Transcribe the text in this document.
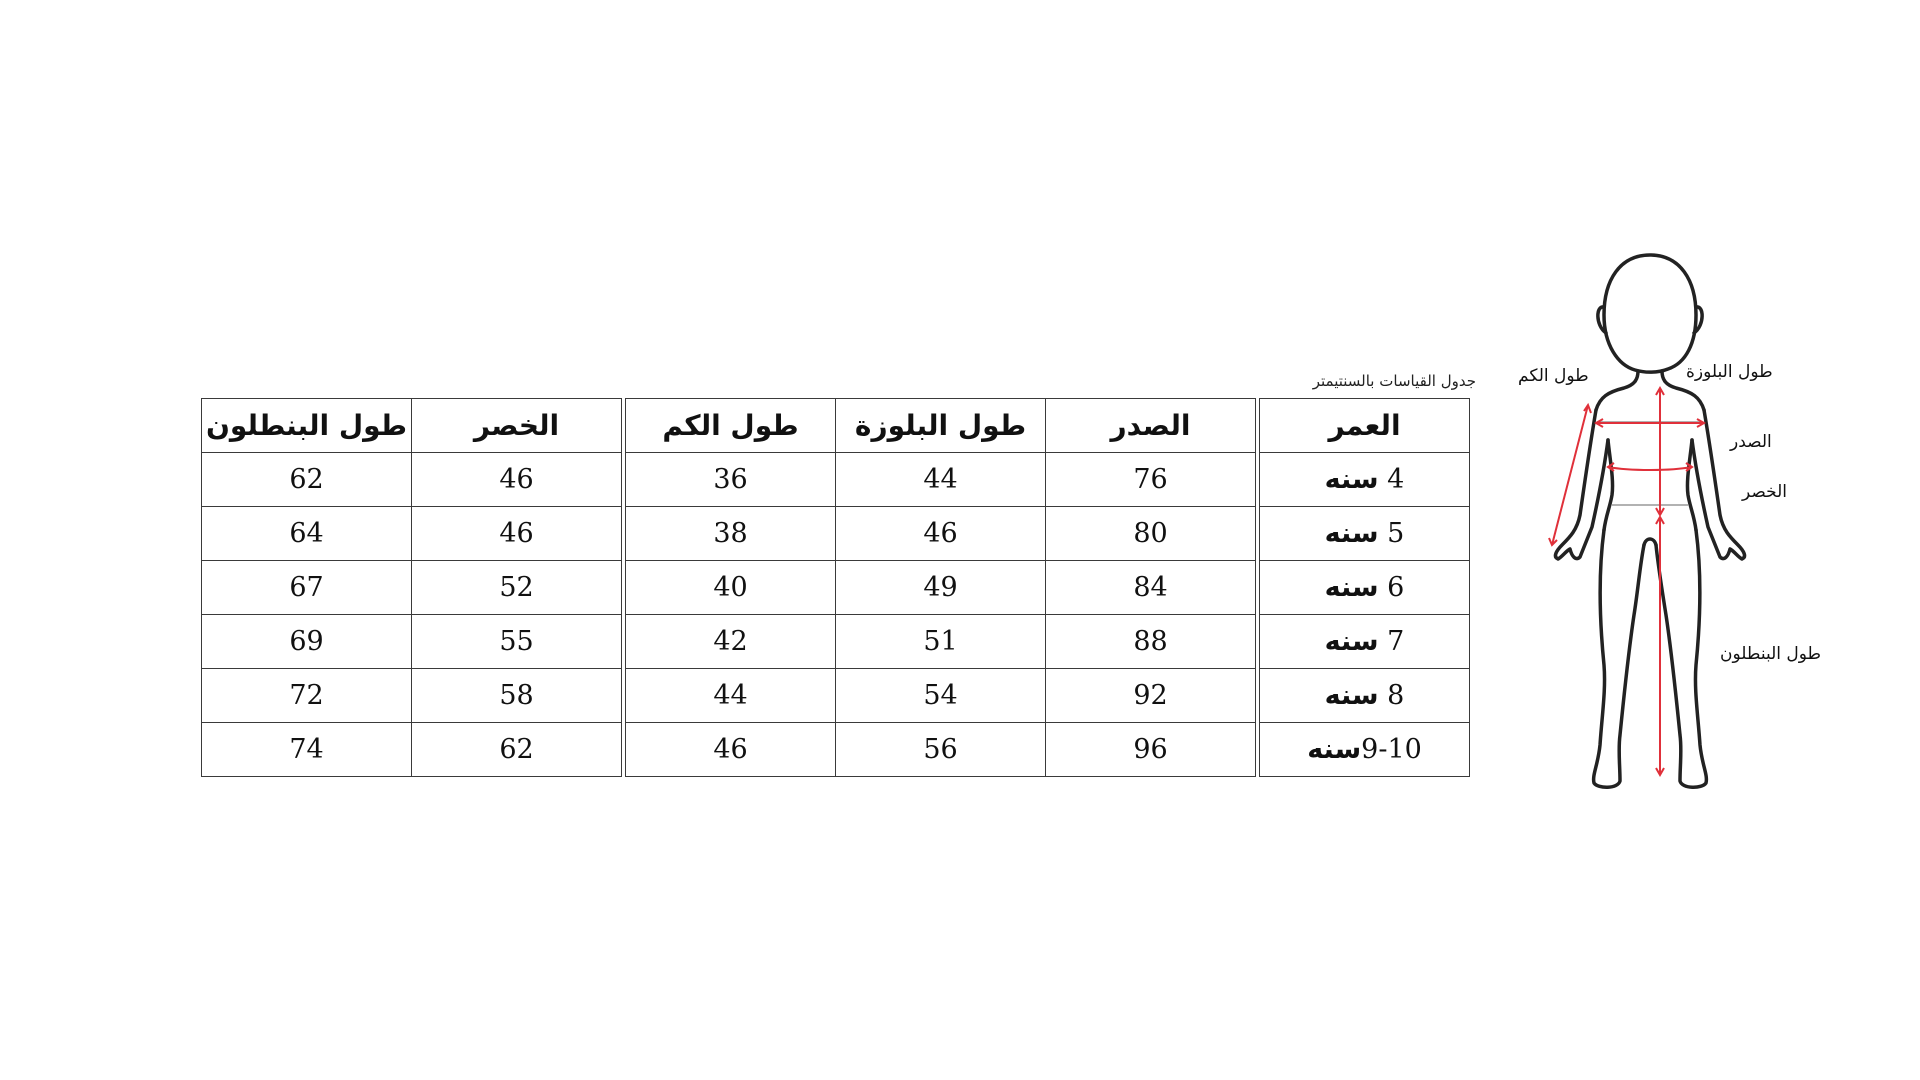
جدول القياسات بالسنتيمتر
طول البنطلون	الخصر		طول الكم	طول البلوزة	الصدر		العمر
62	46		36	44	76		4 سنه
64	46		38	46	80		5 سنه
67	52		40	49	84		6 سنه
69	55		42	51	88		7 سنه
72	58		44	54	92		8 سنه
74	62		46	56	96		9-10سنه
طول الكم	طول البلوزة
الصدر
الخصر
طول البنطلون
